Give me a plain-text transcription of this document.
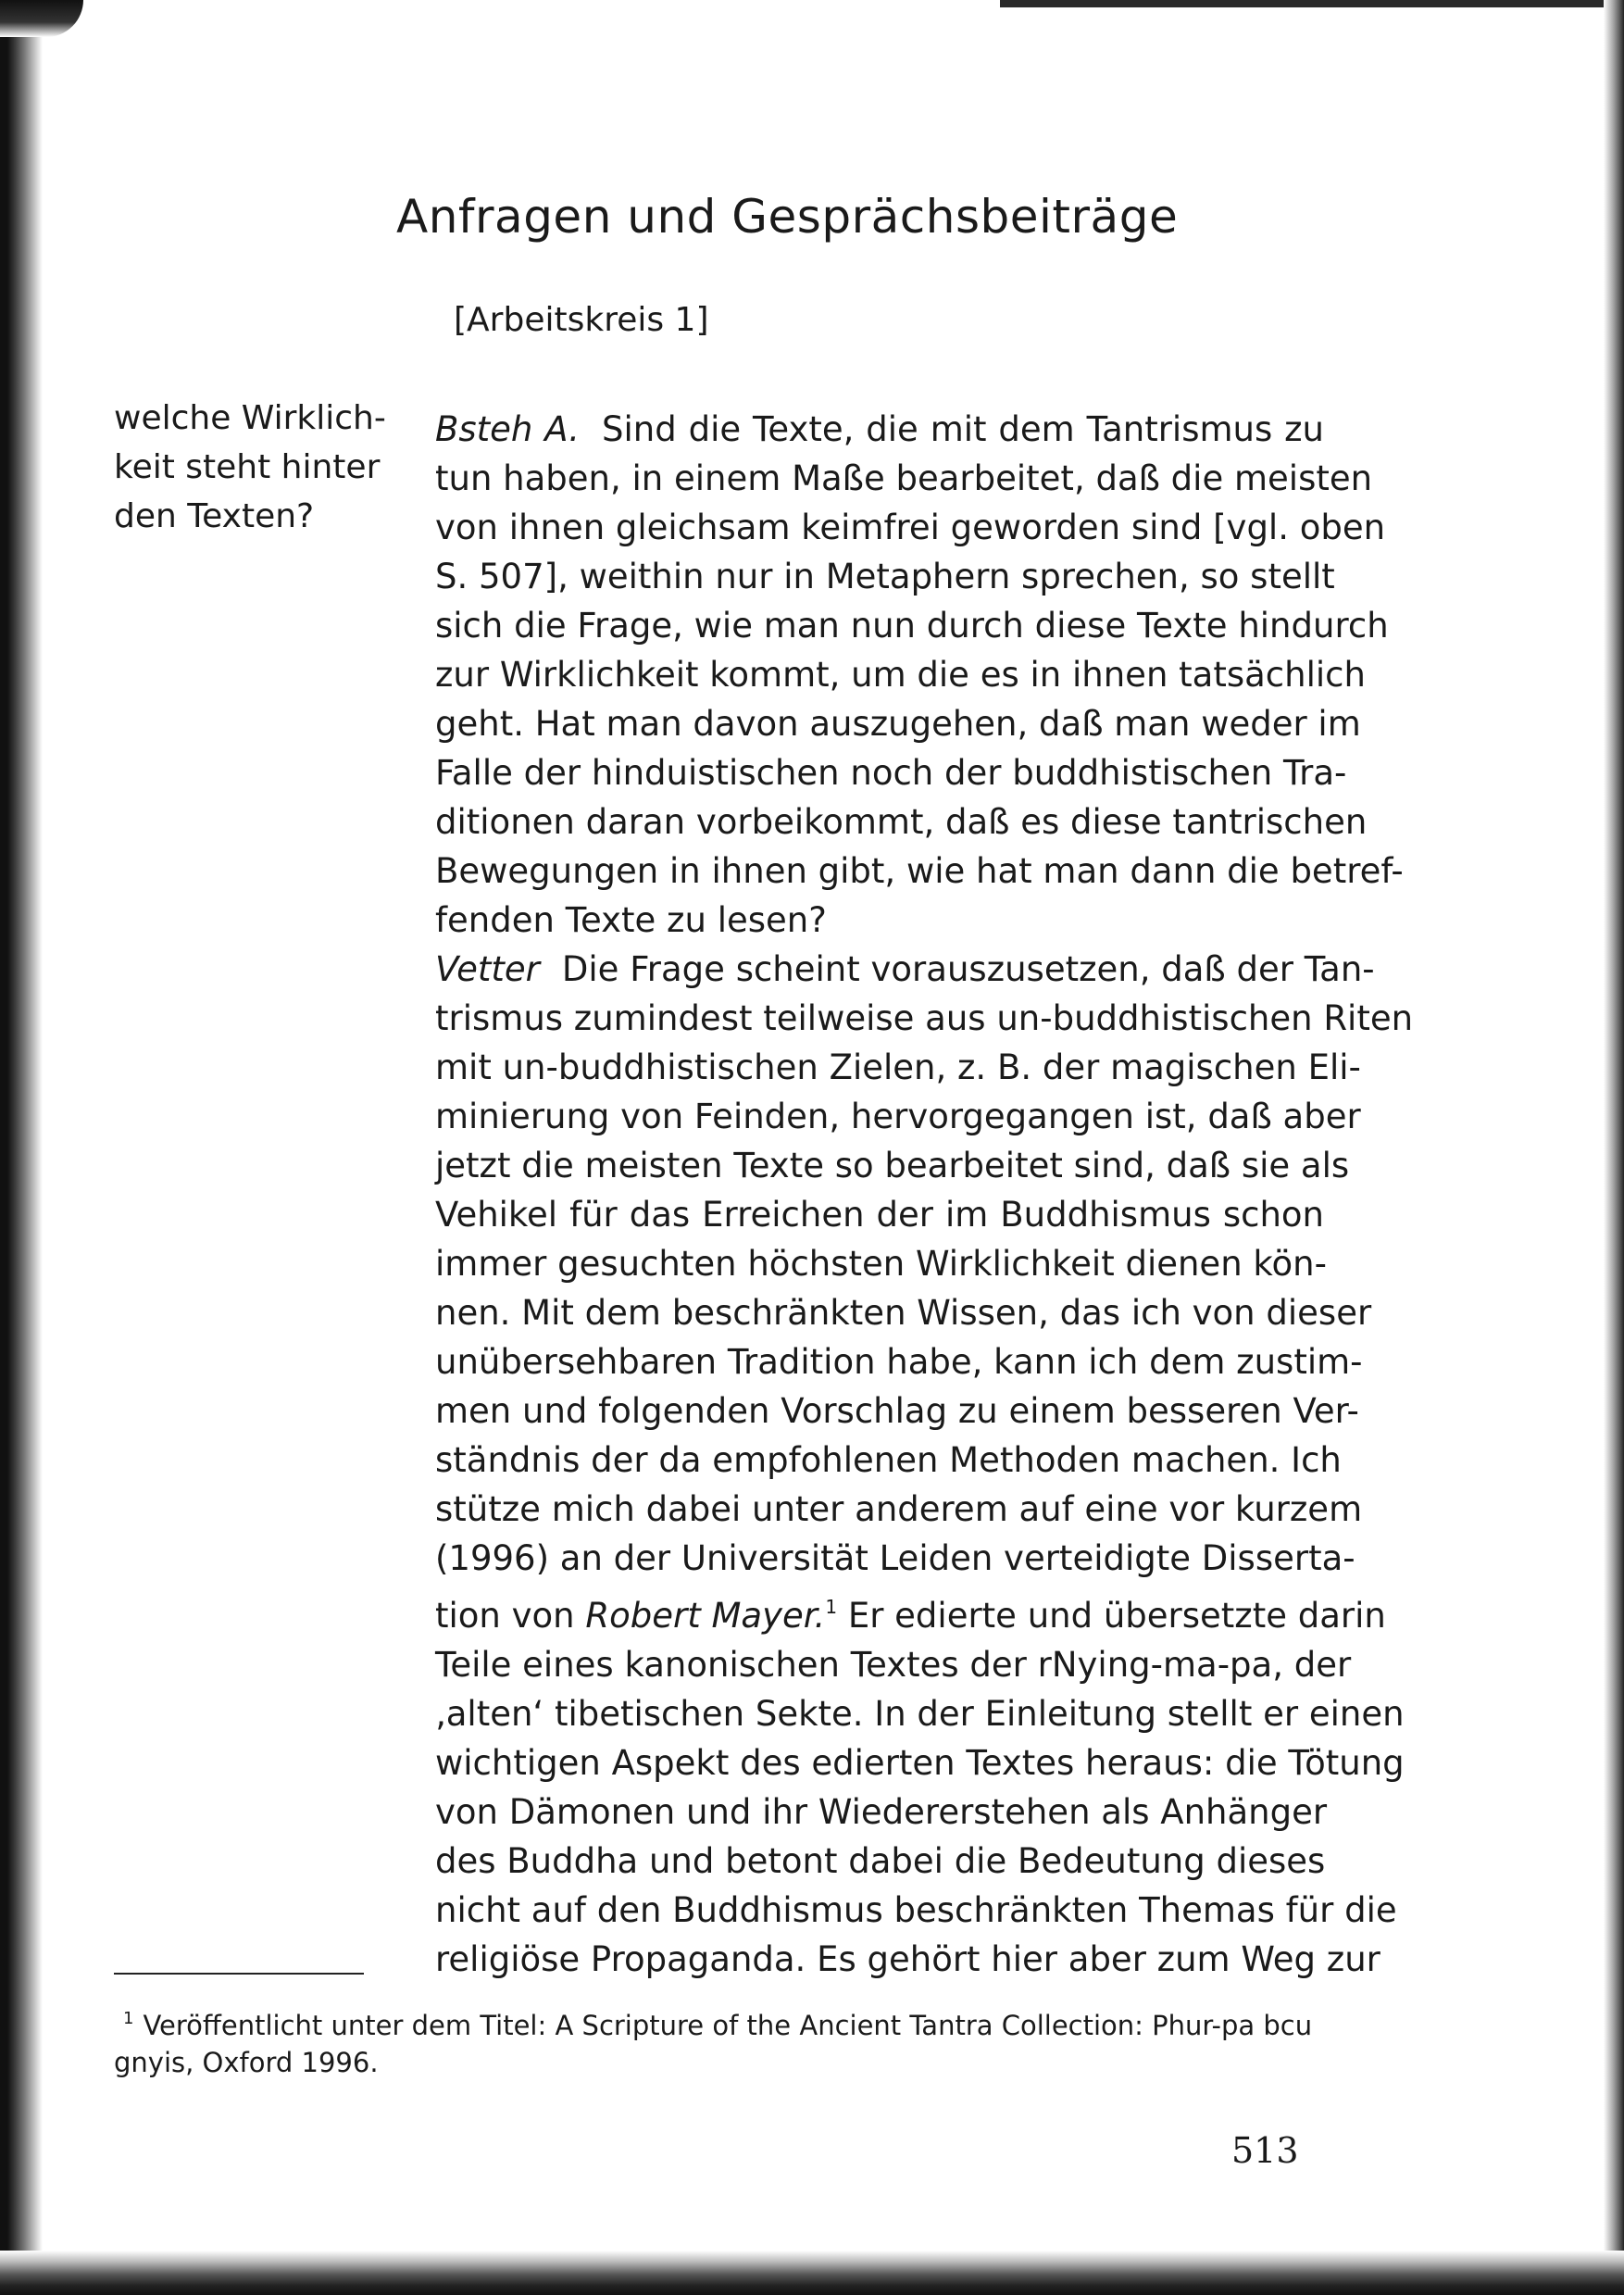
Anfragen und Gesprächsbeiträge
[Arbeitskreis 1]
welche Wirklich-
keit steht hinter
den Texten?
Bsteh A. Sind die Texte, die mit dem Tantrismus zu
tun haben, in einem Maße bearbeitet, daß die meisten
von ihnen gleichsam keimfrei geworden sind [vgl. oben
S. 507], weithin nur in Metaphern sprechen, so stellt
sich die Frage, wie man nun durch diese Texte hindurch
zur Wirklichkeit kommt, um die es in ihnen tatsächlich
geht. Hat man davon auszugehen, daß man weder im
Falle der hinduistischen noch der buddhistischen Tra-
ditionen daran vorbeikommt, daß es diese tantrischen
Bewegungen in ihnen gibt, wie hat man dann die betref-
fenden Texte zu lesen?
Vetter Die Frage scheint vorauszusetzen, daß der Tan-
trismus zumindest teilweise aus un-buddhistischen Riten
mit un-buddhistischen Zielen, z. B. der magischen Eli-
minierung von Feinden, hervorgegangen ist, daß aber
jetzt die meisten Texte so bearbeitet sind, daß sie als
Vehikel für das Erreichen der im Buddhismus schon
immer gesuchten höchsten Wirklichkeit dienen kön-
nen. Mit dem beschränkten Wissen, das ich von dieser
unübersehbaren Tradition habe, kann ich dem zustim-
men und folgenden Vorschlag zu einem besseren Ver-
ständnis der da empfohlenen Methoden machen. Ich
stütze mich dabei unter anderem auf eine vor kurzem
(1996) an der Universität Leiden verteidigte Disserta-
tion von Robert Mayer.$^1$ Er edierte und übersetzte darin
Teile eines kanonischen Textes der rNying-ma-pa, der
‚alten‘ tibetischen Sekte. In der Einleitung stellt er einen
wichtigen Aspekt des edierten Textes heraus: die Tötung
von Dämonen und ihr Wiedererstehen als Anhänger
des Buddha und betont dabei die Bedeutung dieses
nicht auf den Buddhismus beschränkten Themas für die
religiöse Propaganda. Es gehört hier aber zum Weg zur
$^1$ Veröffentlicht unter dem Titel: A Scripture of the Ancient Tantra Collection: Phur-pa bcu gnyis, Oxford 1996.
513
